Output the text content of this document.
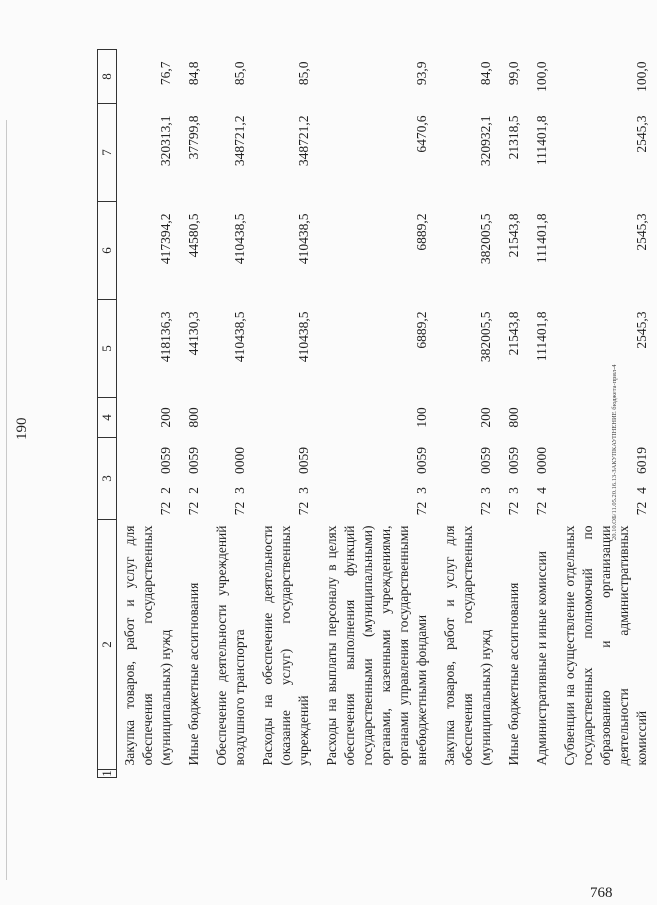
190	20.10.ОБ/11.05.20.16.13-ЗАКУПКАУПНЕНИЕ бюджета-прил-4
768
1	2	3			4	5	6	7	8
	Закупка товаров, работ и услуг для обеспечения государственных (муниципальных) нужд	72	2	0059	200	418136,3	417394,2	320313,1	76,7
	Иные бюджетные ассигнования	72	2	0059	800	44130,3	44580,5	37799,8	84,8
	Обеспечение деятельности учреждений воздушного транспорта	72	3	0000		410438,5	410438,5	348721,2	85,0
	Расходы на обеспечение деятельности (оказание услуг) государственных учреждений	72	3	0059		410438,5	410438,5	348721,2	85,0
	Расходы на выплаты персоналу в целях обеспечения выполнения функций государственными (муниципальными) органами, казенными учреждениями, органами управления государственными внебюджетными фондами	72	3	0059	100	6889,2	6889,2	6470,6	93,9
	Закупка товаров, работ и услуг для обеспечения государственных (муниципальных) нужд	72	3	0059	200	382005,5	382005,5	320932,1	84,0
	Иные бюджетные ассигнования	72	3	0059	800	21543,8	21543,8	21318,5	99,0
	Административные и иные комиссии	72	4	0000		111401,8	111401,8	111401,8	100,0
	Субвенции на осуществление отдельных государственных полномочий по образованию и организации деятельности административных комиссий	72	4	6019		2545,3	2545,3	2545,3	100,0
